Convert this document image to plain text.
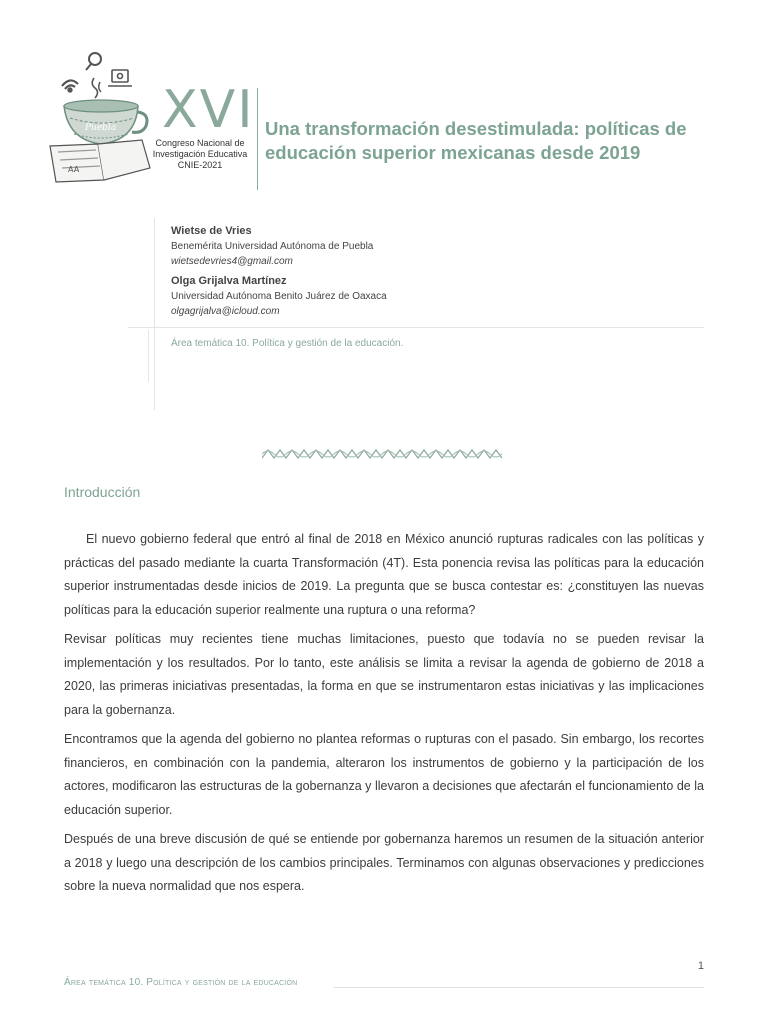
Puebla
AA
XVI
Congreso Nacional de
Investigación Educativa
CNIE-2021
Una transformación desestimulada: políticas de educación superior mexicanas desde 2019
Wietse de Vries
Benemérita Universidad Autónoma de Puebla
wietsedevries4@gmail.com
Olga Grijalva Martínez
Universidad Autónoma Benito Juárez de Oaxaca
olgagrijalva@icloud.com
Área temática 10. Política y gestión de la educación.
Introducción

El nuevo gobierno federal que entró al final de 2018 en México anunció rupturas radicales con las políticas y prácticas del pasado mediante la cuarta Transformación (4T). Esta ponencia revisa las políticas para la educación superior instrumentadas desde inicios de 2019. La pregunta que se busca contestar es: ¿constituyen las nuevas políticas para la educación superior realmente una ruptura o una reforma?

Revisar políticas muy recientes tiene muchas limitaciones, puesto que todavía no se pueden revisar la implementación y los resultados. Por lo tanto, este análisis se limita a revisar la agenda de gobierno de 2018 a 2020, las primeras iniciativas presentadas, la forma en que se instrumentaron estas iniciativas y las implicaciones para la gobernanza.

Encontramos que la agenda del gobierno no plantea reformas o rupturas con el pasado. Sin embargo, los recortes financieros, en combinación con la pandemia, alteraron los instrumentos de gobierno y la participación de los actores, modificaron las estructuras de la gobernanza y llevaron a decisiones que afectarán el funcionamiento de la educación superior.

Después de una breve discusión de qué se entiende por gobernanza haremos un resumen de la situación anterior a 2018 y luego una descripción de los cambios principales. Terminamos con algunas observaciones y predicciones sobre la nueva normalidad que nos espera.

1
Área temática 10. Política y gestión de la educación
